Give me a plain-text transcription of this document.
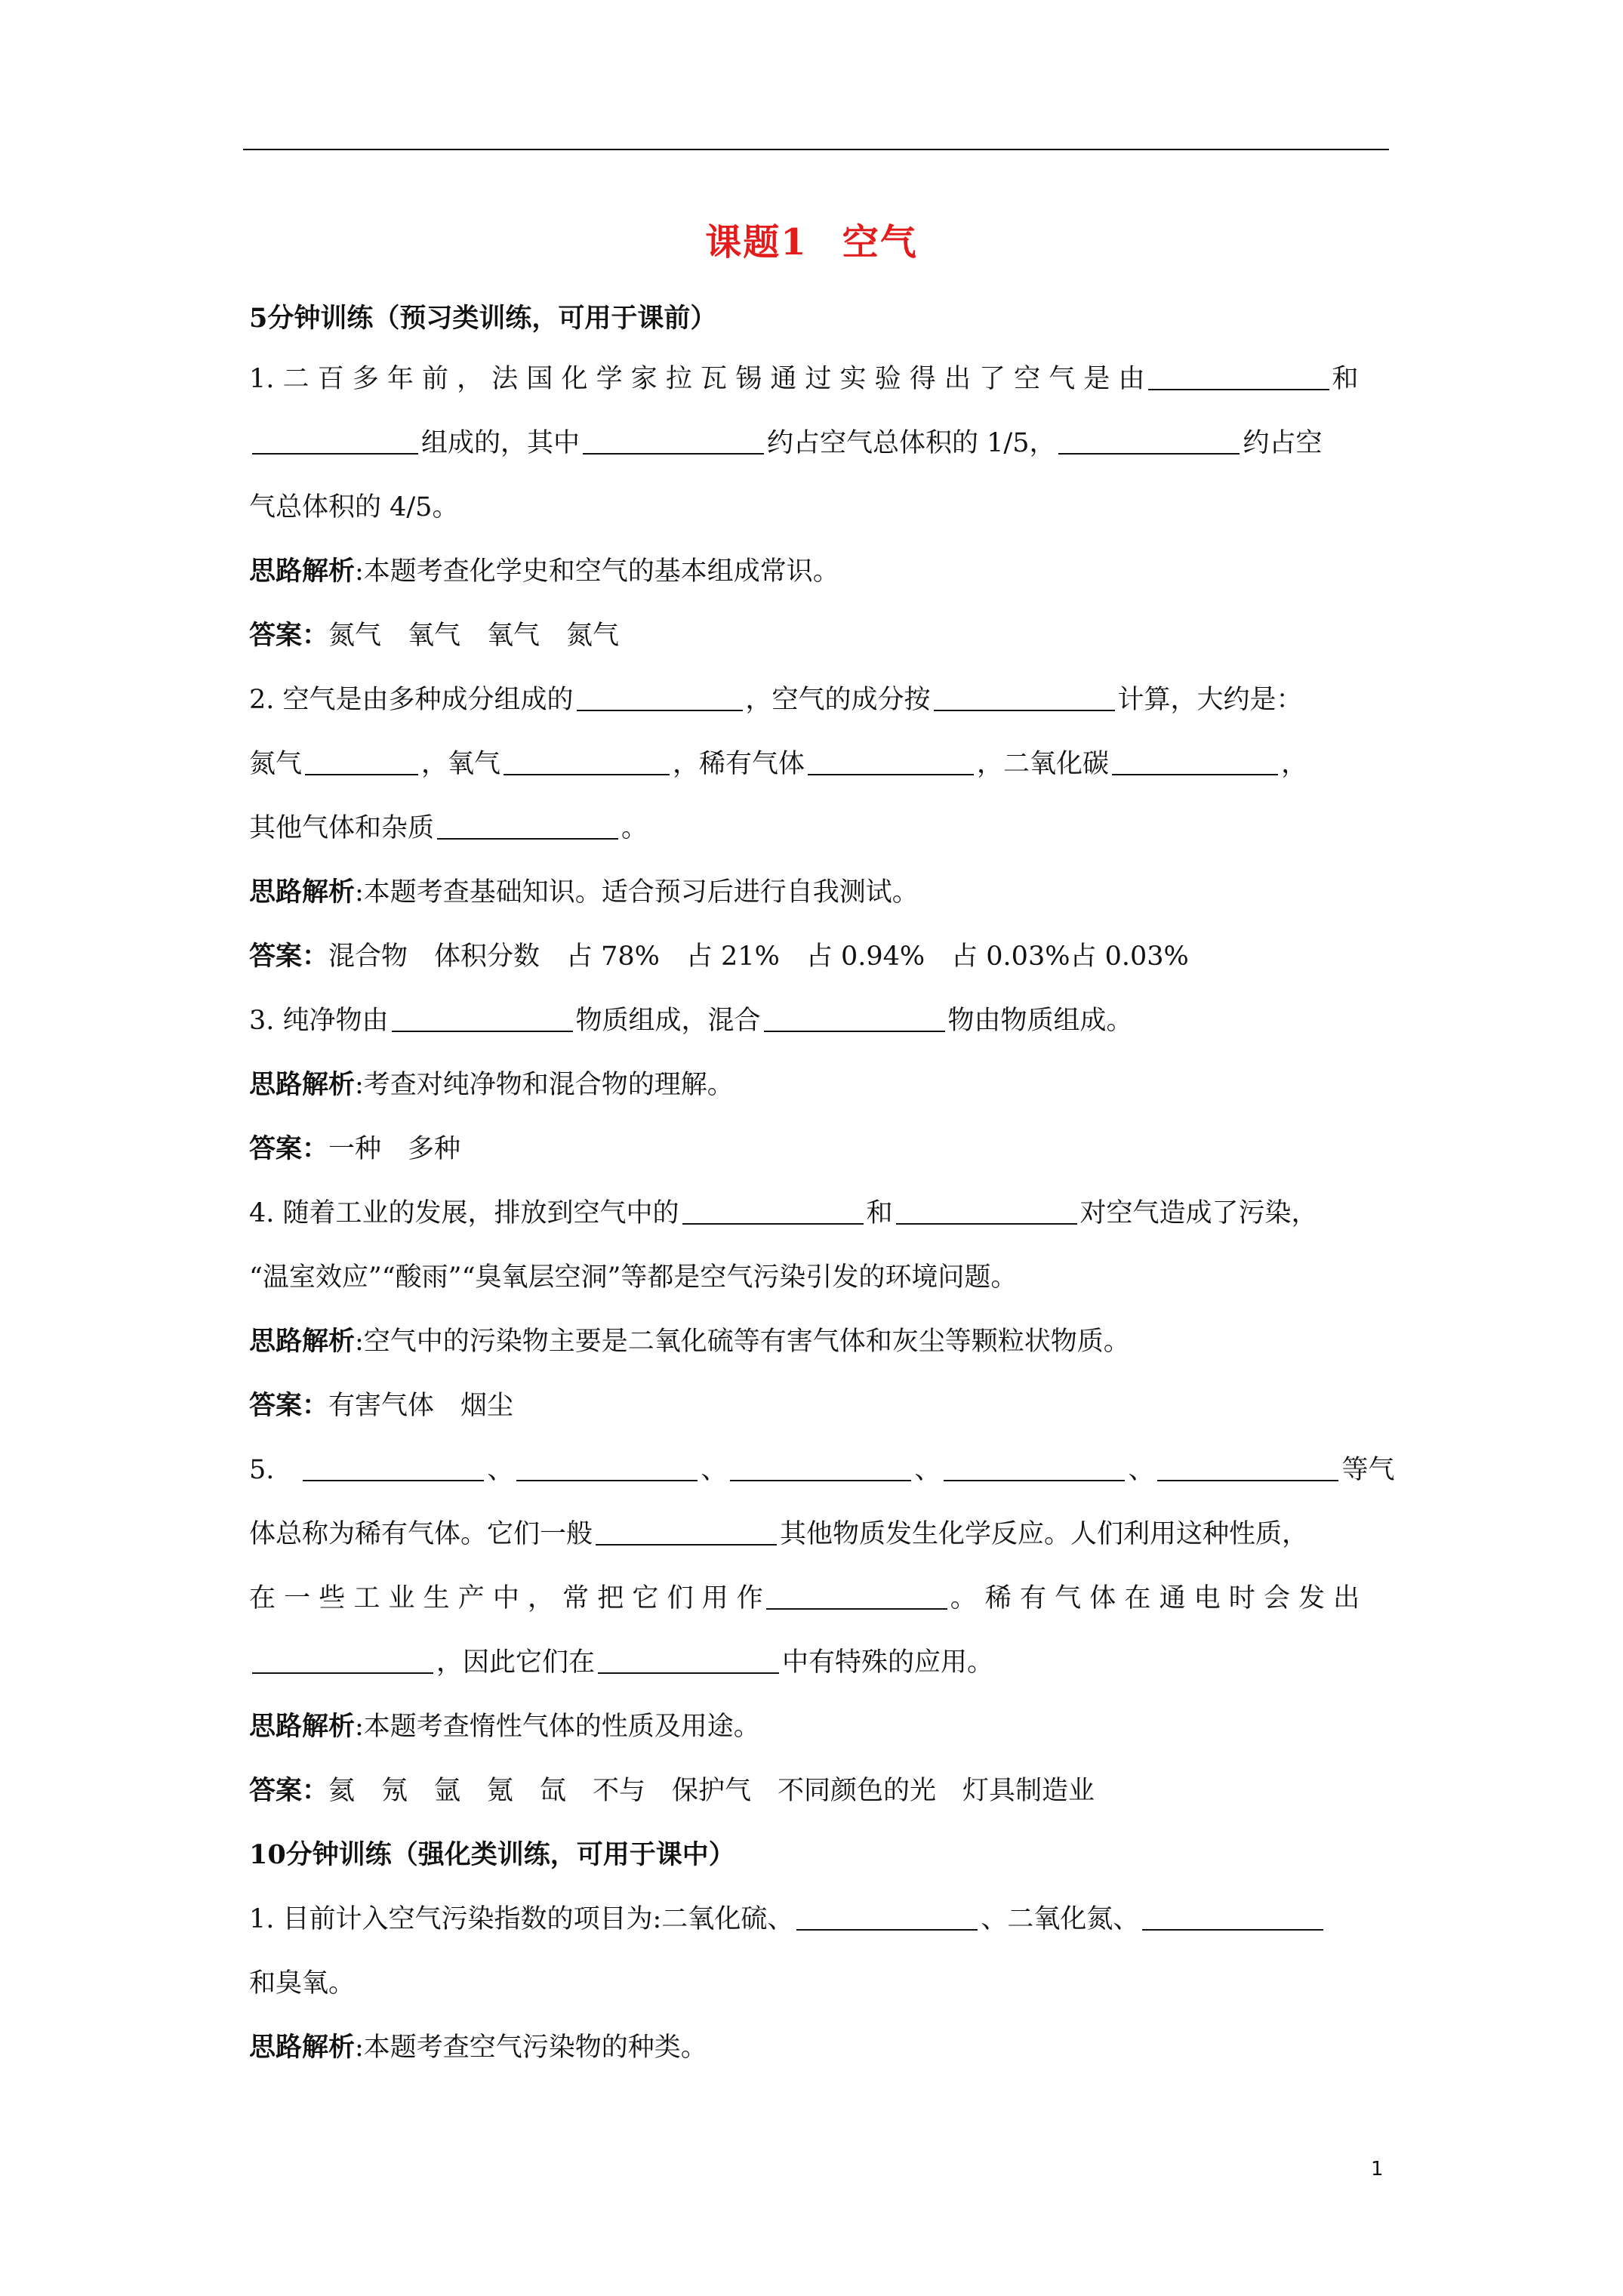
课题1 空气
5分钟训练（预习类训练，可用于课前）
1. 二 百 多 年 前 ， 法 国 化 学 家 拉 瓦 锡 通 过 实 验 得 出 了 空 气 是 由	和
组成的，其中	约占空气总体积的 1/5，	约占空
气总体积的 4/5。
思路解析:本题考查化学史和空气的基本组成常识。
答案：氮气　氧气　氧气　氮气
2. 空气是由多种成分组成的	，空气的成分按	计算，大约是：
氮气	，氧气	，稀有气体	，二氧化碳	，
其他气体和杂质	。
思路解析:本题考查基础知识。适合预习后进行自我测试。
答案：混合物　体积分数　占 78%　占 21%　占 0.94%　占 0.03%占 0.03%
3. 纯净物由	物质组成，混合	物由物质组成。
思路解析:考查对纯净物和混合物的理解。
答案：一种　多种
4. 随着工业的发展，排放到空气中的	和	对空气造成了污染，
“温室效应”“酸雨”“臭氧层空洞”等都是空气污染引发的环境问题。
思路解析:空气中的污染物主要是二氧化硫等有害气体和灰尘等颗粒状物质。
答案：有害气体　烟尘
5.	、	、	、	、	等气
体总称为稀有气体。它们一般	其他物质发生化学反应。人们利用这种性质，
在 一 些 工 业 生 产 中 ， 常 把 它 们 用 作	。 稀 有 气 体 在 通 电 时 会 发 出
，因此它们在	中有特殊的应用。
思路解析:本题考查惰性气体的性质及用途。
答案：氦　氖　氩　氪　氙　不与　保护气　不同颜色的光　灯具制造业
10分钟训练（强化类训练，可用于课中）
1. 目前计入空气污染指数的项目为:二氧化硫、	、二氧化氮、
和臭氧。
思路解析:本题考查空气污染物的种类。
1
